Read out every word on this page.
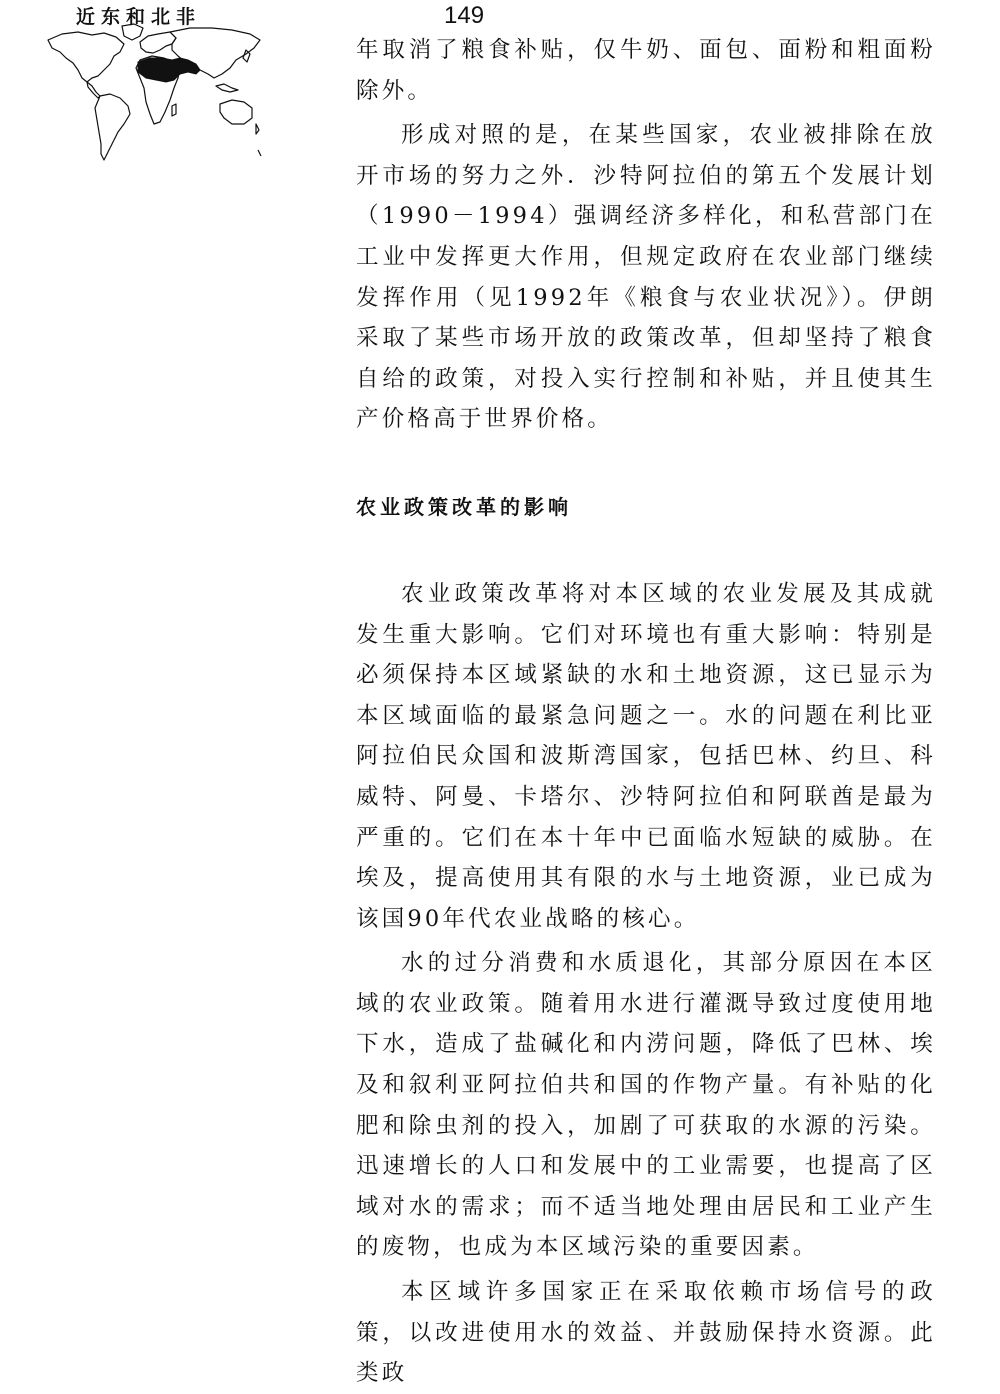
近东和北非	149

年取消了粮食补贴，仅牛奶、面包、面粉和粗面粉除外。

形成对照的是，在某些国家，农业被排除在放开市场的努力之外．沙特阿拉伯的第五个发展计划（1990－1994）强调经济多样化，和私营部门在工业中发挥更大作用，但规定政府在农业部门继续发挥作用（见1992年《粮食与农业状况》）。伊朗采取了某些市场开放的政策改革，但却坚持了粮食自给的政策，对投入实行控制和补贴，并且使其生产价格高于世界价格。

农业政策改革的影响

农业政策改革将对本区域的农业发展及其成就发生重大影响。它们对环境也有重大影响：特别是必须保持本区域紧缺的水和土地资源，这已显示为本区域面临的最紧急问题之一。水的问题在利比亚阿拉伯民众国和波斯湾国家，包括巴林、约旦、科威特、阿曼、卡塔尔、沙特阿拉伯和阿联酋是最为严重的。它们在本十年中已面临水短缺的威胁。在埃及，提高使用其有限的水与土地资源，业已成为该国90年代农业战略的核心。

水的过分消费和水质退化，其部分原因在本区域的农业政策。随着用水进行灌溉导致过度使用地下水，造成了盐碱化和内涝问题，降低了巴林、埃及和叙利亚阿拉伯共和国的作物产量。有补贴的化肥和除虫剂的投入，加剧了可获取的水源的污染。迅速增长的人口和发展中的工业需要，也提高了区域对水的需求；而不适当地处理由居民和工业产生的废物，也成为本区域污染的重要因素。

本区域许多国家正在采取依赖市场信号的政策，以改进使用水的效益、并鼓励保持水资源。此类政
